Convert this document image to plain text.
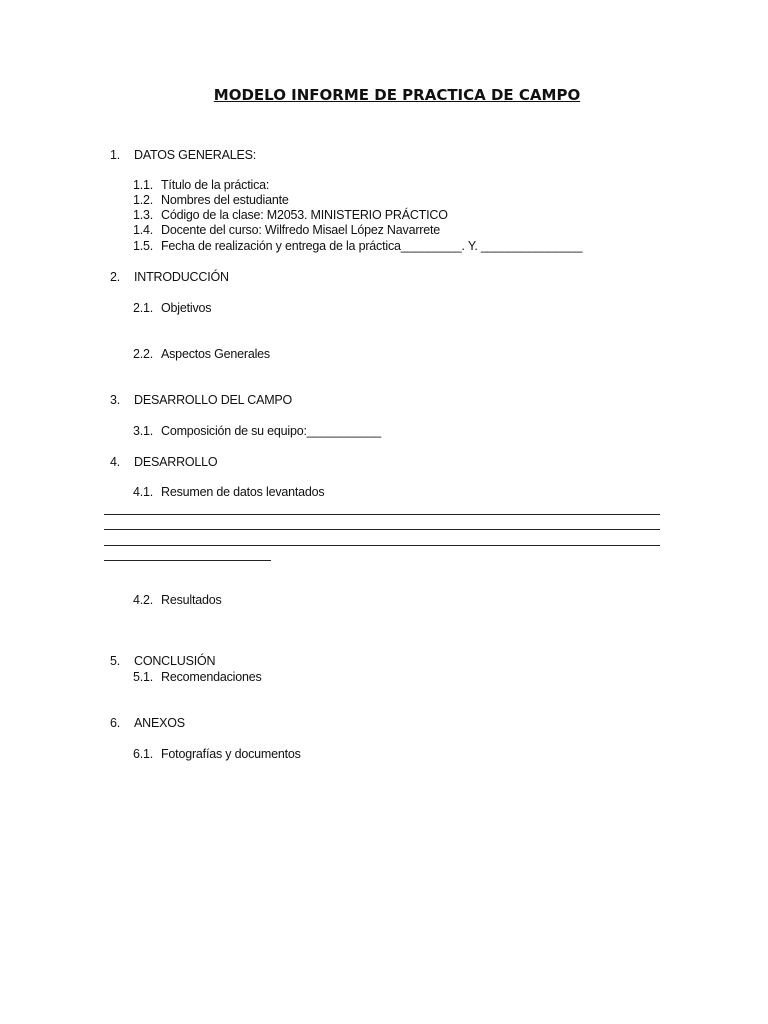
MODELO INFORME DE PRACTICA DE CAMPO
1. DATOS GENERALES:
1.1. Título de la práctica:
1.2. Nombres del estudiante
1.3. Código de la clase: M2053. MINISTERIO PRÁCTICO
1.4. Docente del curso: Wilfredo Misael López Navarrete
1.5. Fecha de realización y entrega de la práctica_________. Y. _______________
2. INTRODUCCIÓN
2.1. Objetivos
2.2. Aspectos Generales
3. DESARROLLO DEL CAMPO
3.1. Composición de su equipo:___________
4. DESARROLLO
4.1. Resumen de datos levantados
4.2. Resultados
5. CONCLUSIÓN
5.1. Recomendaciones
6. ANEXOS
6.1. Fotografías y documentos
